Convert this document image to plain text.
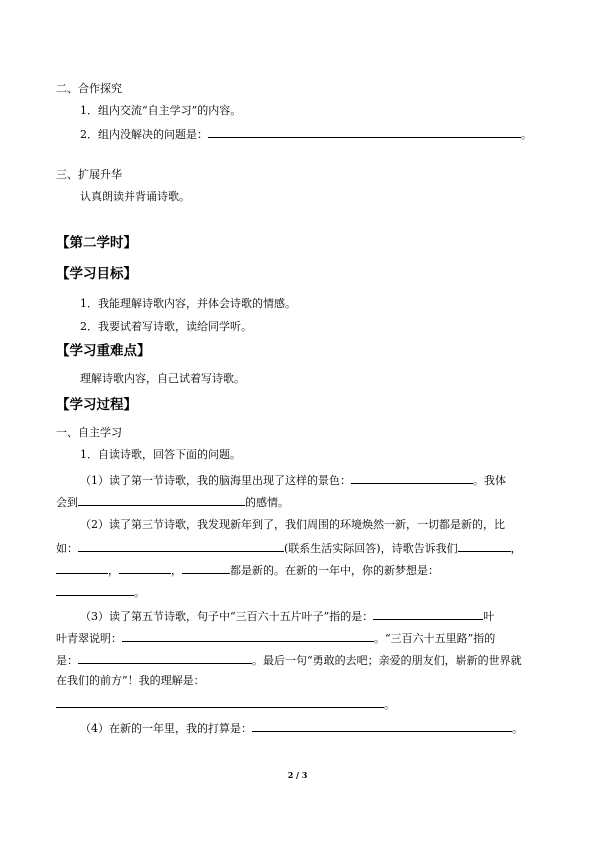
二、合作探究
1．组内交流“自主学习”的内容。
2．组内没解决的问题是：	。
三、扩展升华
认真朗读并背诵诗歌。
【第二学时】
【学习目标】
1．我能理解诗歌内容，并体会诗歌的情感。
2．我要试着写诗歌，读给同学听。
【学习重难点】
理解诗歌内容，自己试着写诗歌。
【学习过程】
一、自主学习
1．自读诗歌，回答下面的问题。
（1）读了第一节诗歌，我的脑海里出现了这样的景色：	。我体
会到	的感情。
（2）读了第三节诗歌，我发现新年到了，我们周围的环境焕然一新，一切都是新的，比
如：	(联系生活实际回答)，诗歌告诉我们	，
，	，	都是新的。在新的一年中，你的新梦想是：
。
（3）读了第五节诗歌，句子中“三百六十五片叶子”指的是：	叶
叶青翠说明：	。“三百六十五里路”指的
是：	。最后一句“勇敢的去吧；亲爱的朋友们，崭新的世界就
在我们的前方”！我的理解是：
。
（4）在新的一年里，我的打算是：	。
2 / 3
